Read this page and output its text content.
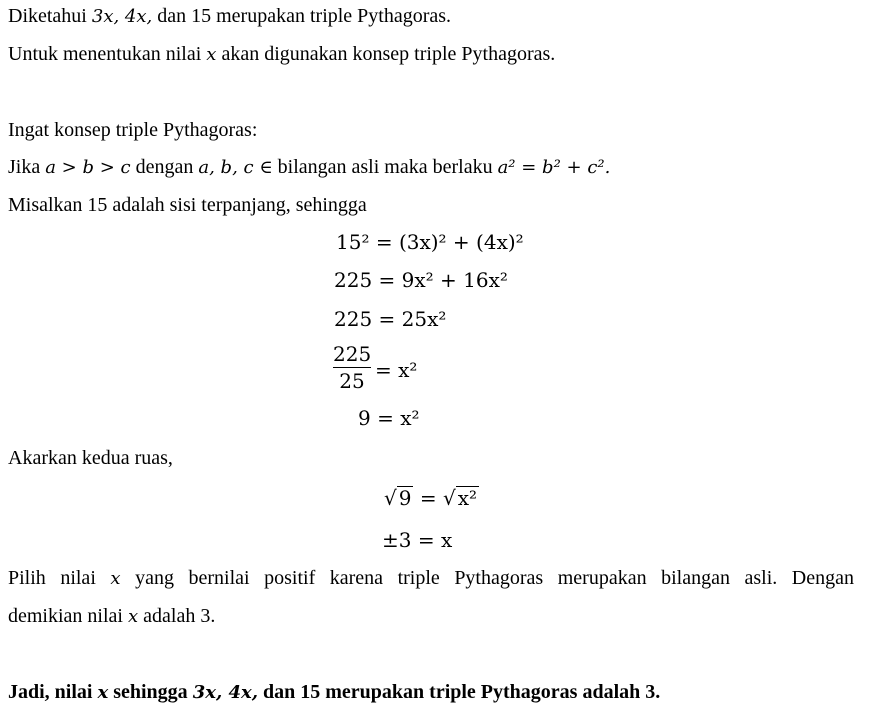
Diketahui 3x, 4x, dan 15 merupakan triple Pythagoras.
Untuk menentukan nilai x akan digunakan konsep triple Pythagoras.
Ingat konsep triple Pythagoras:
Jika a > b > c dengan a, b, c ∈ bilangan asli maka berlaku a² = b² + c².
Misalkan 15 adalah sisi terpanjang, sehingga
15² = (3x)² + (4x)²
225 = 9x² + 16x²
225 = 25x²
225
25 = x²
9 = x²
Akarkan kedua ruas,
√ 9 = √ x²
±3 = x
Pilih nilai x yang bernilai positif karena triple Pythagoras merupakan bilangan asli. Dengan
demikian nilai x adalah 3.
Jadi, nilai x sehingga 3x, 4x, dan 15 merupakan triple Pythagoras adalah 3.
